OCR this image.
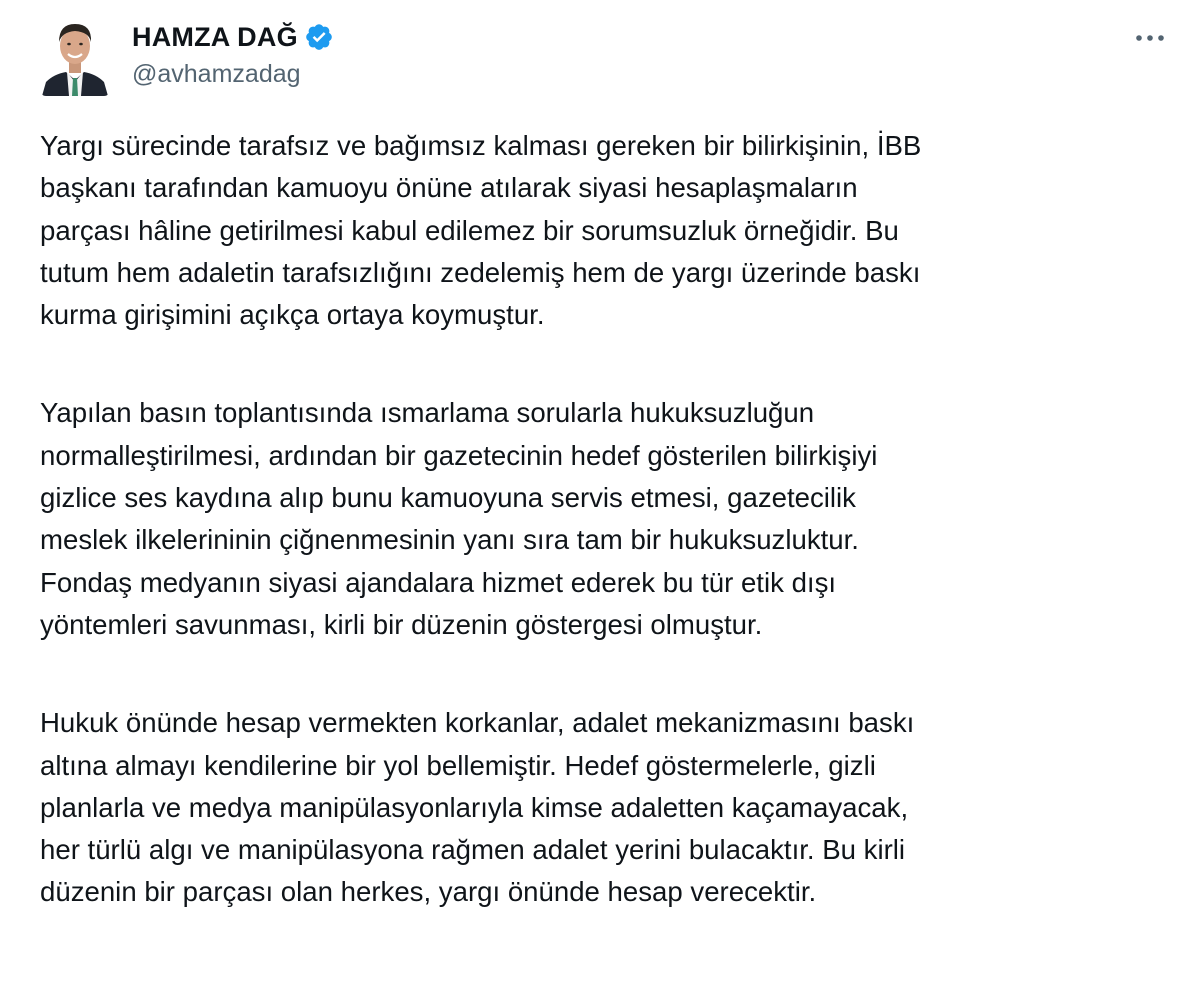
HAMZA DAĞ
@avhamzadag

Yargı sürecinde tarafsız ve bağımsız kalması gereken bir bilirkişinin, İBB

başkanı tarafından kamuoyu önüne atılarak siyasi hesaplaşmaların

parçası hâline getirilmesi kabul edilemez bir sorumsuzluk örneğidir. Bu

tutum hem adaletin tarafsızlığını zedelemiş hem de yargı üzerinde baskı

kurma girişimini açıkça ortaya koymuştur.

Yapılan basın toplantısında ısmarlama sorularla hukuksuzluğun

normalleştirilmesi, ardından bir gazetecinin hedef gösterilen bilirkişiyi

gizlice ses kaydına alıp bunu kamuoyuna servis etmesi, gazetecilik

meslek ilkelerininin çiğnenmesinin yanı sıra tam bir hukuksuzluktur.

Fondaş medyanın siyasi ajandalara hizmet ederek bu tür etik dışı

yöntemleri savunması, kirli bir düzenin göstergesi olmuştur.

Hukuk önünde hesap vermekten korkanlar, adalet mekanizmasını baskı

altına almayı kendilerine bir yol bellemiştir. Hedef göstermelerle, gizli

planlarla ve medya manipülasyonlarıyla kimse adaletten kaçamayacak,

her türlü algı ve manipülasyona rağmen adalet yerini bulacaktır. Bu kirli

düzenin bir parçası olan herkes, yargı önünde hesap verecektir.
